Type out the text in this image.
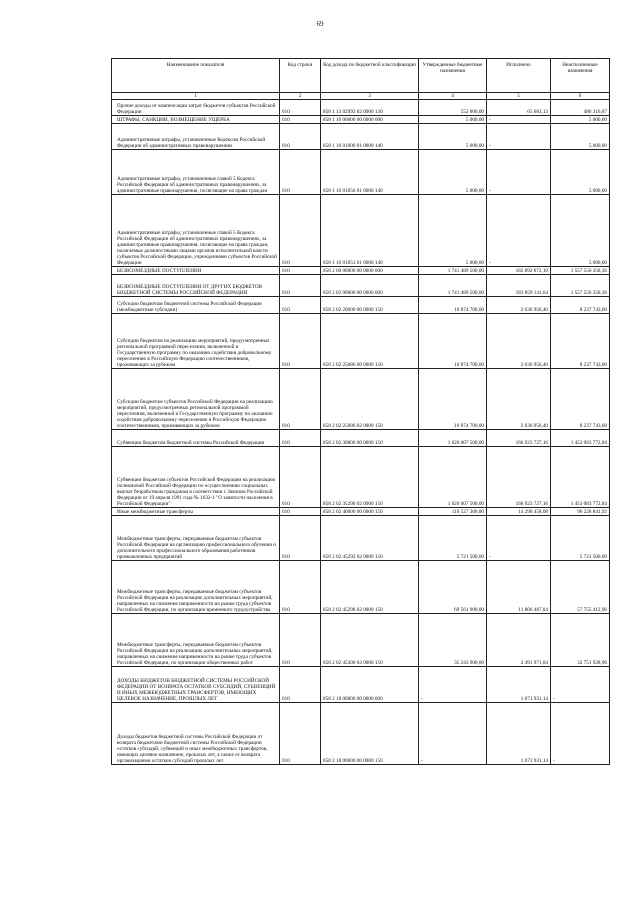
69
Наименование показателя	Код строки	Код дохода по бюджетной классификации	Утвержденные бюджетные назначения	Исполнено	Неисполненные назначения
1	2	3	4	5	6
Прочие доходы от компенсации затрат бюджетов субъектов Российской Федерации	010	858 1 13 02992 02 0000 130	552 000,00	65 683,13	486 316,87
ШТРАФЫ, САНКЦИИ, ВОЗМЕЩЕНИЕ УЩЕРБА	010	858 1 16 00000 00 0000 000	5 000,00	-	5 000,00
Административные штрафы, установленные Кодексом Российской Федерации об административных правонарушениях	010	858 1 16 01000 01 0000 140	5 000,00	-	5 000,00
Административные штрафы, установленные главой 5 Кодекса Российской Федерации об административных правонарушениях, за административные правонарушения, посягающие на права граждан	010	858 1 16 01050 01 0000 140	5 000,00	-	5 000,00
Административные штрафы, установленные главой 5 Кодекса Российской Федерации об административных правонарушениях, за административные правонарушения, посягающие на права граждан, налагаемые должностными лицами органов исполнительной власти субъектов Российской Федерации, учреждениями субъектов Российской Федерации	010	858 1 16 01053 01 0000 140	5 000,00	-	5 000,00
БЕЗВОЗМЕЗДНЫЕ ПОСТУПЛЕНИЯ	010	858 2 00 00000 00 0000 000	1 741 489 500,00	182 892 072,10	1 557 550 358,36
БЕЗВОЗМЕЗДНЫЕ ПОСТУПЛЕНИЯ ОТ ДРУГИХ БЮДЖЕТОВ БЮДЖЕТНОЙ СИСТЕМЫ РОССИЙСКОЙ ФЕДЕРАЦИИ	010	858 2 02 00000 00 0000 000	1 741 489 500,00	183 859 141,64	1 557 550 358,36
Субсидии бюджетам бюджетной системы Российской Федерации (межбюджетные субсидии)	010	858 2 02 20000 00 0000 150	10 874 700,00	2 636 956,40	8 237 743,60
Субсидии бюджетам на реализацию мероприятий, предусмотренных региональной программой переселения, включенной в Государственную программу по оказанию содействия добровольному переселению в Российскую Федерацию соотечественников, проживающих за рубежом	010	858 2 02 25086 00 0000 150	10 874 700,00	2 636 956,40	8 237 743,60
Субсидии бюджетам субъектов Российской Федерации на реализацию мероприятий, предусмотренных региональной программой переселения, включенной в Государственную программу по оказанию содействия добровольному переселению в Российскую Федерацию соотечественников, проживающих за рубежом	010	858 2 02 25086 02 0000 150	10 874 700,00	2 636 956,40	8 237 743,60
Субвенции бюджетам бюджетной системы Российской Федерации	010	858 2 02 30000 00 0000 150	1 620 007 500,00	166 923 727,16	1 453 083 772,84
Субвенции бюджетам субъектов Российской Федерации на реализацию полномочий Российской Федерации по осуществлению социальных выплат безработным гражданам в соответствии с Законом Российской Федерации от 19 апреля 1991 года № 1032-1 "О занятости населения в Российской Федерации"	010	858 2 02 35290 02 0000 150	1 620 007 500,00	166 923 727,16	1 453 083 772,84
Иные межбюджетные трансферты	010	858 2 02 40000 00 0000 150	110 527 300,00	14 298 458,08	96 228 841,92
Межбюджетные трансферты, передаваемые бюджетам субъектов Российской Федерации на организацию профессионального обучения и дополнительного профессионального образования работников промышленных предприятий	010	858 2 02 45292 02 0000 150	5 721 500,00	-	5 721 500,00
Межбюджетные трансферты, передаваемые бюджетам субъектов Российской Федерации на реализацию дополнительных мероприятий, направленных на снижение напряженности на рынке труда субъектов Российской Федерации, по организации временного трудоустройства	010	858 2 02 45298 02 0000 150	69 561 900,00	11 806 487,04	57 755 412,96
Межбюджетные трансферты, передаваемые бюджетам субъектов Российской Федерации на реализацию дополнительных мероприятий, направленных на снижение напряженности на рынке труда субъектов Российской Федерации, по организации общественных работ	010	858 2 02 45300 02 0000 150	35 243 900,00	2 491 971,04	32 751 928,96
ДОХОДЫ БЮДЖЕТОВ БЮДЖЕТНОЙ СИСТЕМЫ РОССИЙСКОЙ ФЕДЕРАЦИИ ОТ ВОЗВРАТА ОСТАТКОВ СУБСИДИЙ, СУБВЕНЦИЙ И ИНЫХ МЕЖБЮДЖЕТНЫХ ТРАНСФЕРТОВ, ИМЕЮЩИХ ЦЕЛЕВОЕ НАЗНАЧЕНИЕ, ПРОШЛЫХ ЛЕТ	010	858 2 18 00000 00 0000 000	-	1 671 931,14	-
Доходы бюджетов бюджетной системы Российской Федерации от возврата бюджетами бюджетной системы Российской Федерации остатков субсидий, субвенций и иных межбюджетных трансфертов, имеющих целевое назначение, прошлых лет, а также от возврата организациями остатков субсидий прошлых лет	010	858 2 18 00000 00 0000 150	-	1 671 931,14	-
